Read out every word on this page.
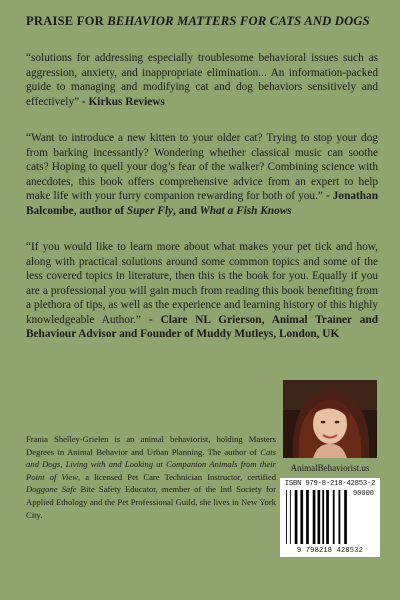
PRAISE FOR BEHAVIOR MATTERS FOR CATS AND DOGS

“solutions for addressing especially troublesome behavioral issues such as aggression, anxiety, and inappropriate elimination... An information-packed guide to managing and modifying cat and dog behaviors sensitively and effectively” - Kirkus Reviews

“Want to introduce a new kitten to your older cat? Trying to stop your dog from barking incessantly? Wondering whether classical music can soothe cats? Hoping to quell your dog’s fear of the walker? Combining science with anecdotes, this book offers comprehensive advice from an expert to help make life with your furry companion rewarding for both of you.” - Jonathan Balcombe, author of Super Fly, and What a Fish Knows

“If you would like to learn more about what makes your pet tick and how, along with practical solutions around some common topics and some of the less covered topics in literature, then this is the book for you. Equally if you are a professional you will gain much from reading this book benefiting from a plethora of tips, as well as the experience and learning history of this highly knowledgeable Author.” - Clare NL Grierson, Animal Trainer and Behaviour Advisor and Founder of Muddy Mutleys, London, UK

Frania Shelley-Grielen is an animal behaviorist, holding Masters Degrees in Animal Behavior and Urban Planning. The author of Cats and Dogs, Living with and Looking at Companion Animals from their Point of View, a licensed Pet Care Technician Instructor, certified Doggone Safe Bite Safety Educator, member of the Intl Society for Applied Ethology and the Pet Professional Guild, she lives in New York City.
AnimalBehaviorist.us
ISBN 979-8-218-42853-2
90000
9 798218 428532
